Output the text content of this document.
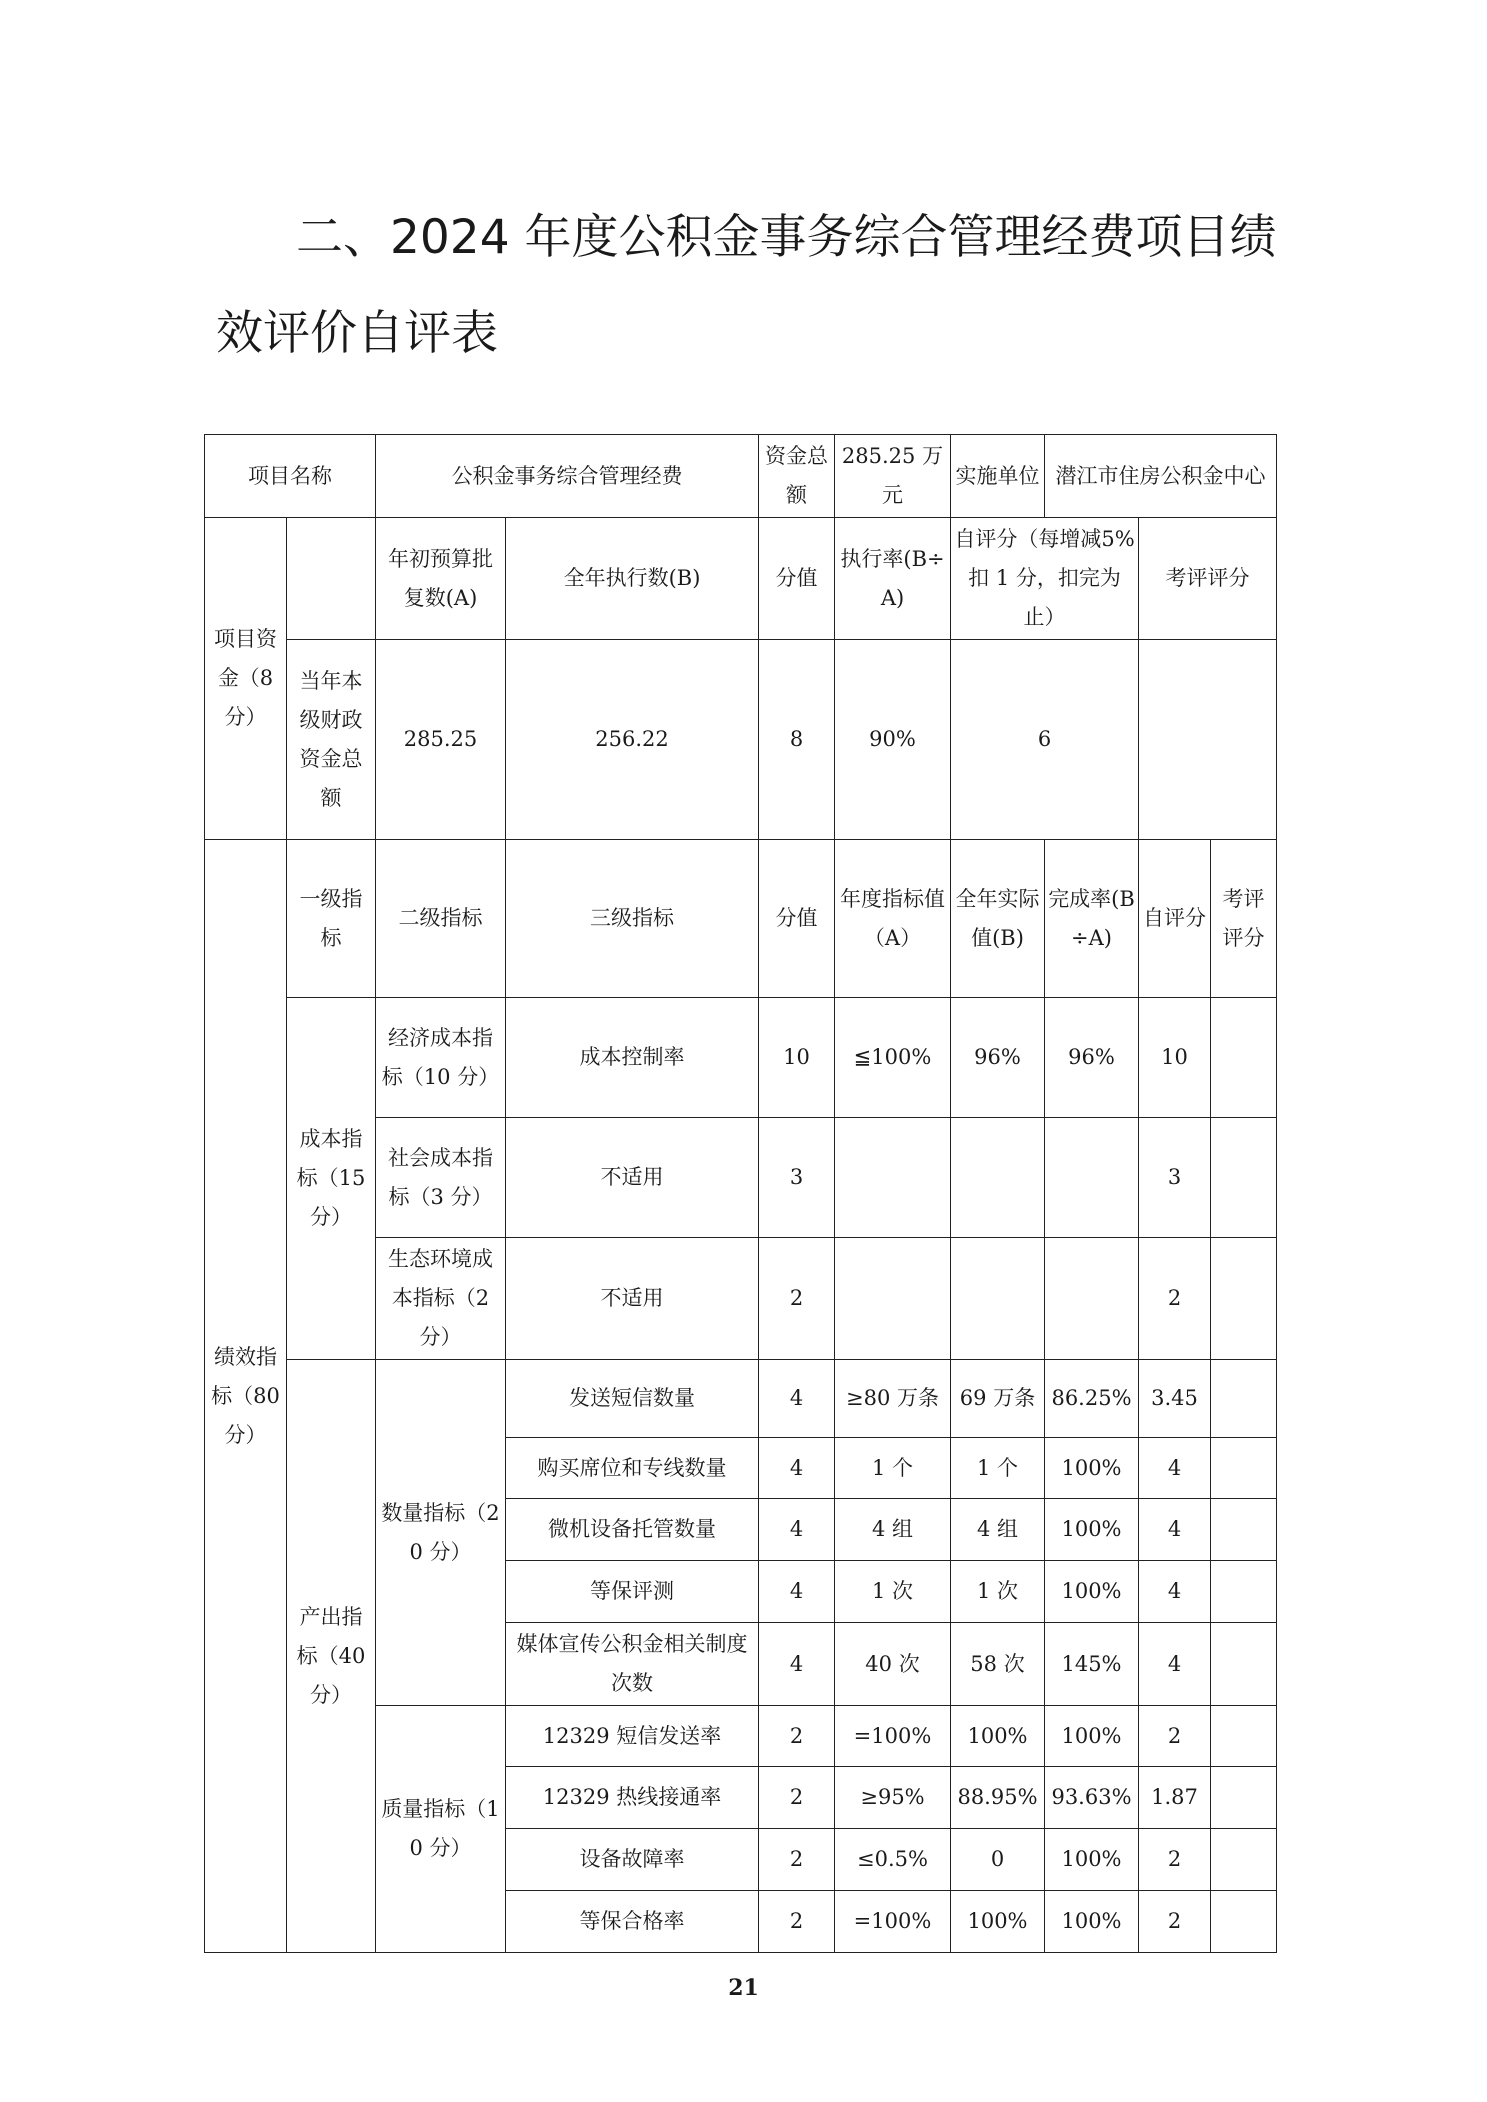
二、2024 年度公积金事务综合管理经费项目绩效评价自评表

项目名称		公积金事务综合管理经费		资金总额	285.25 万元	实施单位	潜江市住房公积金中心		
项目资金（8 分）		年初预算批复数(A)	全年执行数(B)	分值	执行率(B÷A)	自评分（每增减5%扣 1 分，扣完为止）		考评评分	
	当年本级财政资金总额	285.25	256.22	8	90%	6			
绩效指标（80 分）	一级指标	二级指标	三级指标	分值	年度指标值（A）	全年实际值(B)	完成率(B÷A)	自评分	考评评分
	成本指标（15 分）	经济成本指标（10 分）	成本控制率	10	≦100%	96%	96%	10	
		社会成本指标（3 分）	不适用	3				3	
		生态环境成本指标（2 分）	不适用	2				2	
	产出指标（40 分）	数量指标（20 分）	发送短信数量	4	≥80 万条	69 万条	86.25%	3.45	
			购买席位和专线数量	4	1 个	1 个	100%	4	
			微机设备托管数量	4	4 组	4 组	100%	4	
			等保评测	4	1 次	1 次	100%	4	
			媒体宣传公积金相关制度次数	4	40 次	58 次	145%	4	
		质量指标（10 分）	12329 短信发送率	2	=100%	100%	100%	2	
			12329 热线接通率	2	≥95%	88.95%	93.63%	1.87	
			设备故障率	2	≤0.5%	0	100%	2	
			等保合格率	2	=100%	100%	100%	2	
21
